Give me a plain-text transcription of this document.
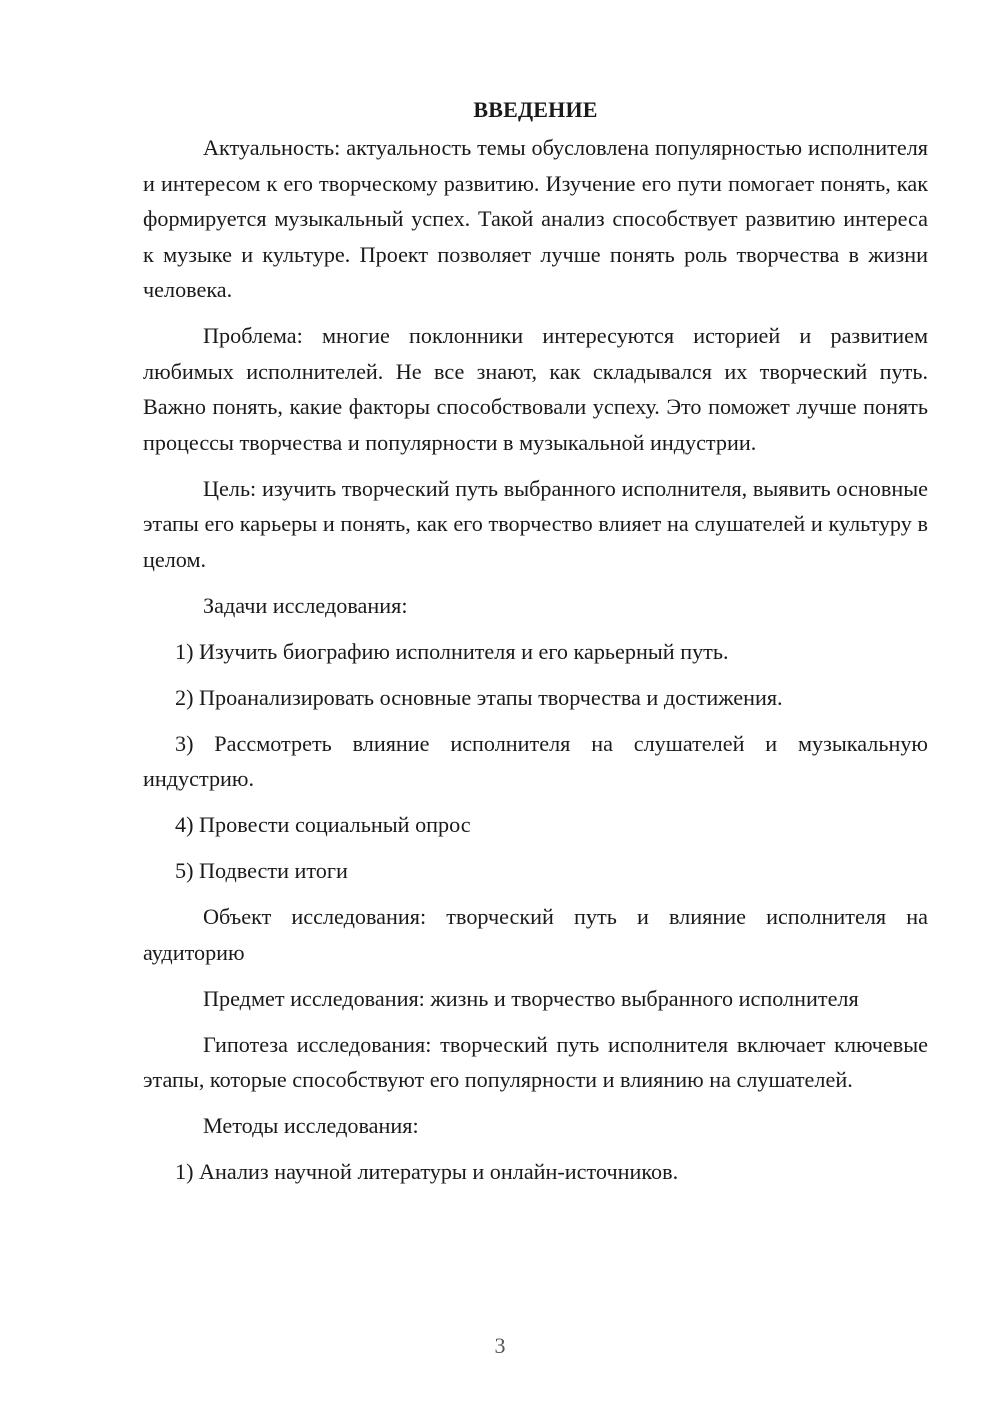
ВВЕДЕНИЕ

Актуальность: актуальность темы обусловлена популярностью исполнителя и интересом к его творческому развитию. Изучение его пути помогает понять, как формируется музыкальный успех. Такой анализ способствует развитию интереса к музыке и культуре. Проект позволяет лучше понять роль творчества в жизни человека.

Проблема: многие поклонники интересуются историей и развитием любимых исполнителей. Не все знают, как складывался их творческий путь. Важно понять, какие факторы способствовали успеху. Это поможет лучше понять процессы творчества и популярности в музыкальной индустрии.

Цель: изучить творческий путь выбранного исполнителя, выявить основные этапы его карьеры и понять, как его творчество влияет на слушателей и культуру в целом.

Задачи исследования:

1) Изучить биографию исполнителя и его карьерный путь.

2) Проанализировать основные этапы творчества и достижения.

3) Рассмотреть влияние исполнителя на слушателей и музыкальную индустрию.

4) Провести социальный опрос

5) Подвести итоги

Объект исследования: творческий путь и влияние исполнителя на аудиторию

Предмет исследования: жизнь и творчество выбранного исполнителя

Гипотеза исследования: творческий путь исполнителя включает ключевые этапы, которые способствуют его популярности и влиянию на слушателей.

Методы исследования:

1) Анализ научной литературы и онлайн-источников.

3
